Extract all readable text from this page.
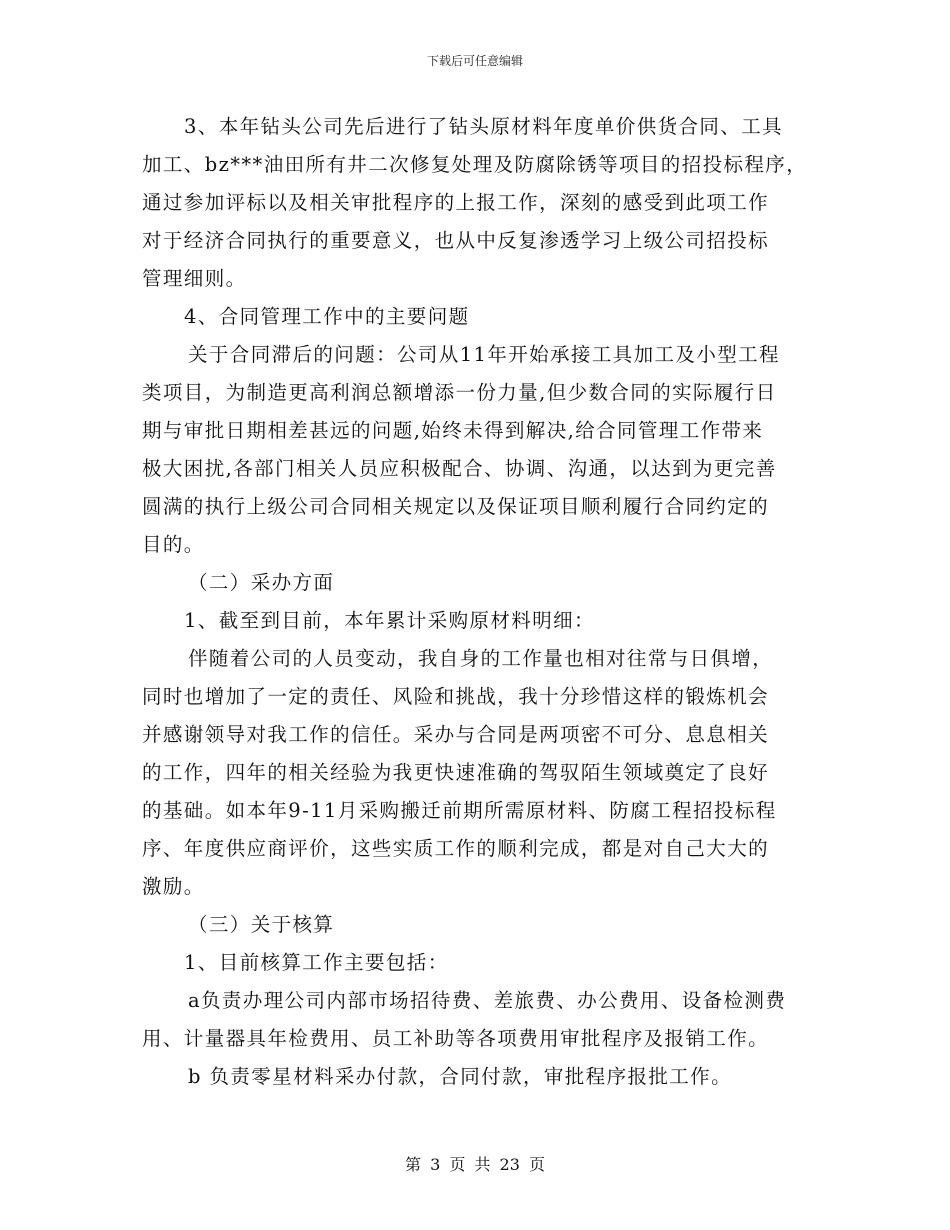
下载后可任意编辑
3、本年钻头公司先后进行了钻头原材料年度单价供货合同、工具
加工、bz***油田所有井二次修复处理及防腐除锈等项目的招投标程序，
通过参加评标以及相关审批程序的上报工作，深刻的感受到此项工作
对于经济合同执行的重要意义，也从中反复渗透学习上级公司招投标
管理细则。
4、合同管理工作中的主要问题
关于合同滞后的问题：公司从11年开始承接工具加工及小型工程
类项目，为制造更高利润总额增添一份力量,但少数合同的实际履行日
期与审批日期相差甚远的问题,始终未得到解决,给合同管理工作带来
极大困扰,各部门相关人员应积极配合、协调、沟通，以达到为更完善
圆满的执行上级公司合同相关规定以及保证项目顺利履行合同约定的
目的。
（二）采办方面
1、截至到目前，本年累计采购原材料明细：
伴随着公司的人员变动，我自身的工作量也相对往常与日俱增，
同时也增加了一定的责任、风险和挑战，我十分珍惜这样的锻炼机会
并感谢领导对我工作的信任。采办与合同是两项密不可分、息息相关
的工作，四年的相关经验为我更快速准确的驾驭陌生领域奠定了良好
的基础。如本年9-11月采购搬迁前期所需原材料、防腐工程招投标程
序、年度供应商评价，这些实质工作的顺利完成，都是对自己大大的
激励。
（三）关于核算
1、目前核算工作主要包括：
a负责办理公司内部市场招待费、差旅费、办公费用、设备检测费
用、计量器具年检费用、员工补助等各项费用审批程序及报销工作。
b 负责零星材料采办付款，合同付款，审批程序报批工作。
第 3 页 共 23 页
